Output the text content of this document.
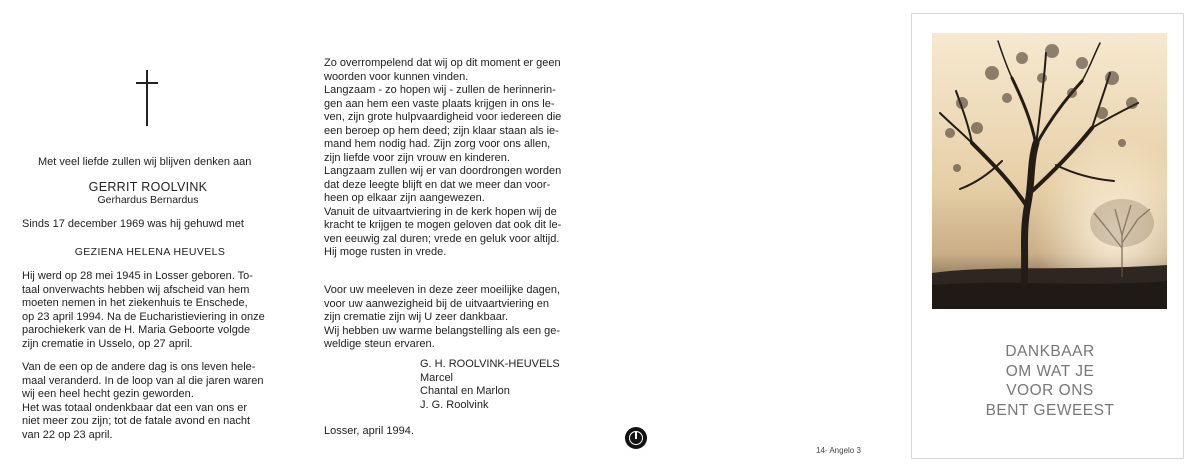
Met veel liefde zullen wij blijven denken aan
GERRIT ROOLVINK
Gerhardus Bernardus
Sinds 17 december 1969 was hij gehuwd met
GEZIENA HELENA HEUVELS

Hij werd op 28 mei 1945 in Losser geboren. To-

taal onverwachts hebben wij afscheid van hem

moeten nemen in het ziekenhuis te Enschede,

op 23 april 1994. Na de Eucharistieviering in onze

parochiekerk van de H. Maria Geboorte volgde

zijn crematie in Usselo, op 27 april.

Van de een op de andere dag is ons leven hele-

maal veranderd. In de loop van al die jaren waren

wij een heel hecht gezin geworden.

Het was totaal ondenkbaar dat een van ons er

niet meer zou zijn; tot de fatale avond en nacht

van 22 op 23 april.

Zo overrompelend dat wij op dit moment er geen

woorden voor kunnen vinden.

Langzaam - zo hopen wij - zullen de herinnerin-

gen aan hem een vaste plaats krijgen in ons le-

ven, zijn grote hulpvaardigheid voor iedereen die

een beroep op hem deed; zijn klaar staan als ie-

mand hem nodig had. Zijn zorg voor ons allen,

zijn liefde voor zijn vrouw en kinderen.

Langzaam zullen wij er van doordrongen worden

dat deze leegte blijft en dat we meer dan voor-

heen op elkaar zijn aangewezen.

Vanuit de uitvaartviering in de kerk hopen wij de

kracht te krijgen te mogen geloven dat ook dit le-

ven eeuwig zal duren; vrede en geluk voor altijd.

Hij moge rusten in vrede.

Voor uw meeleven in deze zeer moeilijke dagen,

voor uw aanwezigheid bij de uitvaartviering en

zijn crematie zijn wij U zeer dankbaar.

Wij hebben uw warme belangstelling als een ge-

weldige steun ervaren.

G. H. ROOLVINK-HEUVELS

Marcel

Chantal en Marlon

J. G. Roolvink

Losser, april 1994.
14- Angelo 3
DANKBAAR
OM WAT JE
VOOR ONS
BENT GEWEEST
